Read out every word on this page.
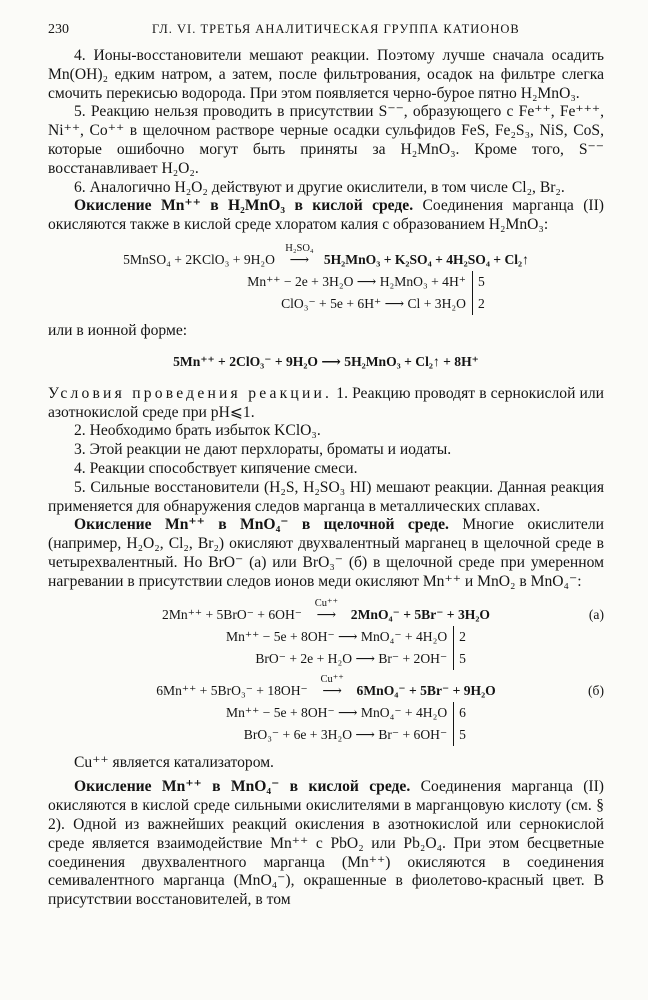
230	ГЛ. VI. ТРЕТЬЯ АНАЛИТИЧЕСКАЯ ГРУППА КАТИОНОВ

4. Ионы-восстановители мешают реакции. Поэтому лучше сначала осадить Mn(OH)₂ едким натром, а затем, после фильтрования, осадок на фильтре слегка смочить перекисью водорода. При этом появляется черно-бурое пятно H₂MnO₃.

5. Реакцию нельзя проводить в присутствии S⁻⁻, образующего с Fe⁺⁺, Fe⁺⁺⁺, Ni⁺⁺, Co⁺⁺ в щелочном растворе черные осадки сульфидов FeS, Fe₂S₃, NiS, CoS, которые ошибочно могут быть приняты за H₂MnO₃. Кроме того, S⁻⁻ восстанавливает H₂O₂.

6. Аналогично H₂O₂ действуют и другие окислители, в том числе Cl₂, Br₂.

Окисление Mn⁺⁺ в H₂MnO₃ в кислой среде. Соединения марганца (II) окисляются также в кислой среде хлоратом калия с образованием H₂MnO₃:

5MnSO₄ + 2KClO₃ + 9H₂O ⟶
H₂SO₄
5H₂MnO₃ + K₂SO₄ + 4H₂SO₄ + Cl₂↑
Mn⁺⁺ − 2e + 3H₂O ⟶ H₂MnO₃ + 4H⁺
ClO₃⁻ + 5e + 6H⁺ ⟶ Cl + 3H₂O
5
2

или в ионной форме:

5Mn⁺⁺ + 2ClO₃⁻ + 9H₂O ⟶ 5H₂MnO₃ + Cl₂↑ + 8H⁺

Условия проведения реакции. 1. Реакцию проводят в сернокислой или азотнокислой среде при pH⩽1.

2. Необходимо брать избыток KClO₃.

3. Этой реакции не дают перхлораты, броматы и иодаты.

4. Реакции способствует кипячение смеси.

5. Сильные восстановители (H₂S, H₂SO₃ HI) мешают реакции. Данная реакция применяется для обнаружения следов марганца в металлических сплавах.

Окисление Mn⁺⁺ в MnO₄⁻ в щелочной среде. Многие окислители (например, H₂O₂, Cl₂, Br₂) окисляют двухвалентный марганец в щелочной среде в четырехвалентный. Но BrO⁻ (а) или BrO₃⁻ (б) в щелочной среде при умеренном нагревании в присутствии следов ионов меди окисляют Mn⁺⁺ и MnO₂ в MnO₄⁻:

2Mn⁺⁺ + 5BrO⁻ + 6OH⁻ ⟶
Cu⁺⁺
2MnO₄⁻ + 5Br⁻ + 3H₂O	(а)
Mn⁺⁺ − 5e + 8OH⁻ ⟶ MnO₄⁻ + 4H₂O
BrO⁻ + 2e + H₂O ⟶ Br⁻ + 2OH⁻
2
5
6Mn⁺⁺ + 5BrO₃⁻ + 18OH⁻ ⟶
Cu⁺⁺
6MnO₄⁻ + 5Br⁻ + 9H₂O	(б)
Mn⁺⁺ − 5e + 8OH⁻ ⟶ MnO₄⁻ + 4H₂O
BrO₃⁻ + 6e + 3H₂O ⟶ Br⁻ + 6OH⁻
6
5

Cu⁺⁺ является катализатором.

Окисление Mn⁺⁺ в MnO₄⁻ в кислой среде. Соединения марганца (II) окисляются в кислой среде сильными окислителями в марганцовую кислоту (см. § 2). Одной из важнейших реакций окисления в азотнокислой или сернокислой среде является взаимодействие Mn⁺⁺ с PbO₂ или Pb₂O₄. При этом бесцветные соединения двухвалентного марганца (Mn⁺⁺) окисляются в соединения семивалентного марганца (MnO₄⁻), окрашенные в фиолетово-красный цвет. В присутствии восстановителей, в том
